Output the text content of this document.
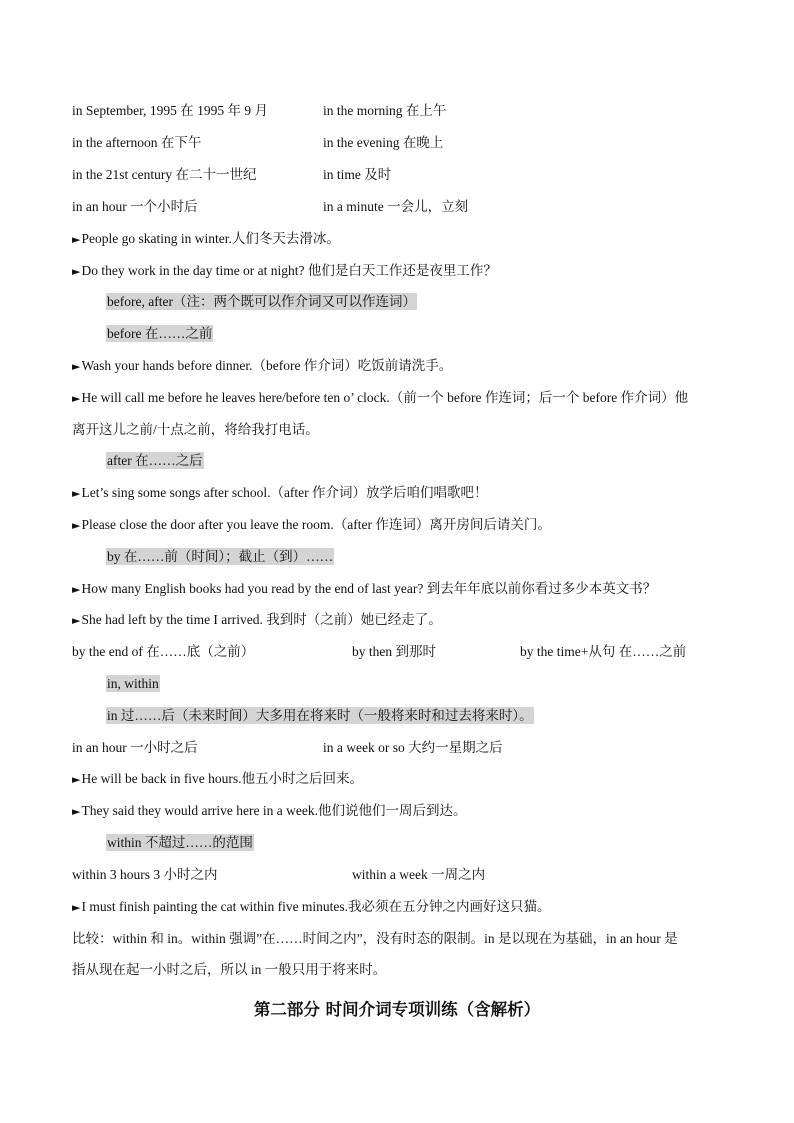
in September, 1995 在 1995 年 9 月	in the morning 在上午
in the afternoon 在下午	in the evening 在晚上
in the 21st century 在二十一世纪	in time 及时
in an hour 一个小时后	in a minute 一会儿，立刻
►People go skating in winter.人们冬天去滑冰。
►Do they work in the day time or at night? 他们是白天工作还是夜里工作？
before, after（注：两个既可以作介词又可以作连词）
before 在……之前
►Wash your hands before dinner.（before 作介词）吃饭前请洗手。
►He will call me before he leaves here/before ten o’ clock.（前一个 before 作连词；后一个 before 作介词）他
离开这儿之前/十点之前，将给我打电话。
after 在……之后
►Let’s sing some songs after school.（after 作介词）放学后咱们唱歌吧！
►Please close the door after you leave the room.（after 作连词）离开房间后请关门。
by 在……前（时间）；截止（到）……
►How many English books had you read by the end of last year? 到去年年底以前你看过多少本英文书？
►She had left by the time I arrived. 我到时（之前）她已经走了。
by the end of 在……底（之前）	by then 到那时	by the time+从句 在……之前
in, within
in 过……后（未来时间）大多用在将来时（一般将来时和过去将来时）。
in an hour 一小时之后	in a week or so 大约一星期之后
►He will be back in five hours.他五小时之后回来。
►They said they would arrive here in a week.他们说他们一周后到达。
within 不超过……的范围
within 3 hours 3 小时之内	within a week 一周之内
►I must finish painting the cat within five minutes.我必须在五分钟之内画好这只猫。
比较：within 和 in。within 强调”在……时间之内”，没有时态的限制。in 是以现在为基础，in an hour 是
指从现在起一小时之后，所以 in 一般只用于将来时。
第二部分 时间介词专项训练（含解析）
